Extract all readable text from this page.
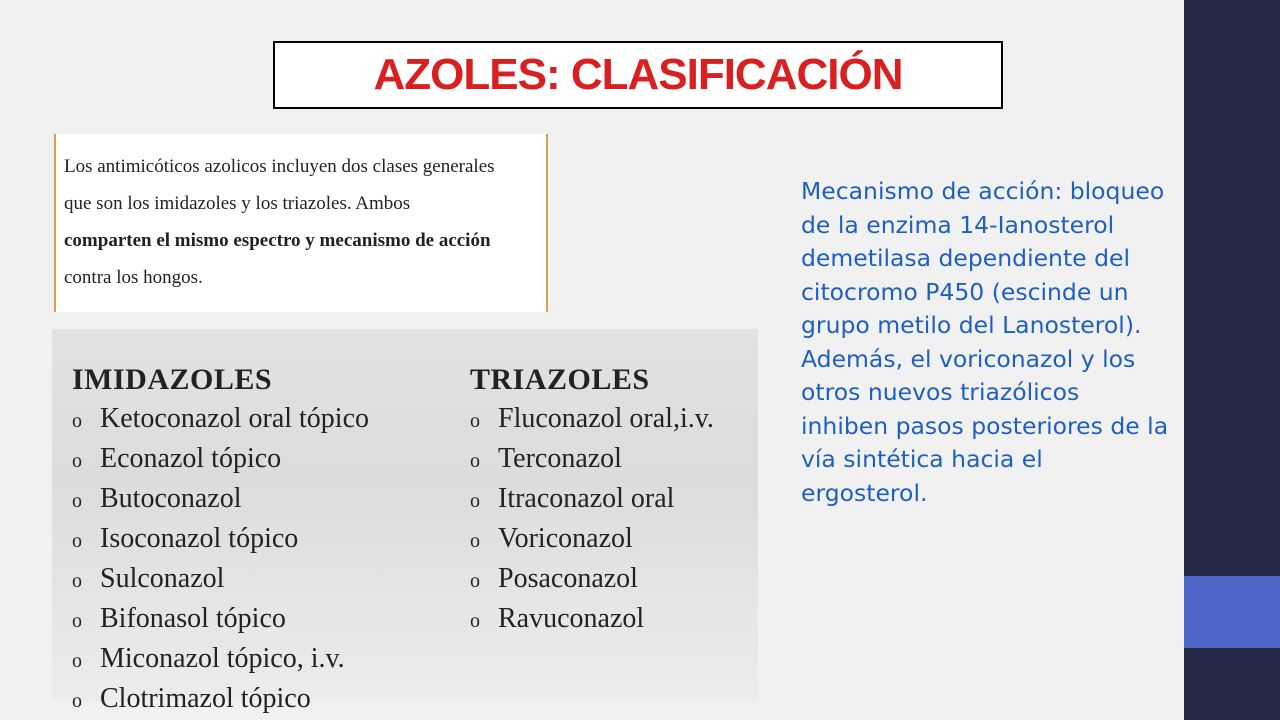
AZOLES: CLASIFICACIÓN

Los antimicóticos azolicos incluyen dos clases generales
que son los imidazoles y los triazoles. Ambos
comparten el mismo espectro y mecanismo de acción
contra los hongos.

IMIDAZOLES
o Ketoconazol oral tópico
o Econazol tópico
o Butoconazol
o Isoconazol tópico
o Sulconazol
o Bifonasol tópico
o Miconazol tópico, i.v.
o Clotrimazol tópico
TRIAZOLES
o Fluconazol oral,i.v.
o Terconazol
o Itraconazol oral
o Voriconazol
o Posaconazol
o Ravuconazol

Mecanismo de acción: bloqueo de la enzima 14-Ianosterol demetilasa dependiente del citocromo P450 (escinde un grupo metilo del Lanosterol). Además, el voriconazol y los otros nuevos triazólicos inhiben pasos posteriores de la vía sintética hacia el ergosterol.
